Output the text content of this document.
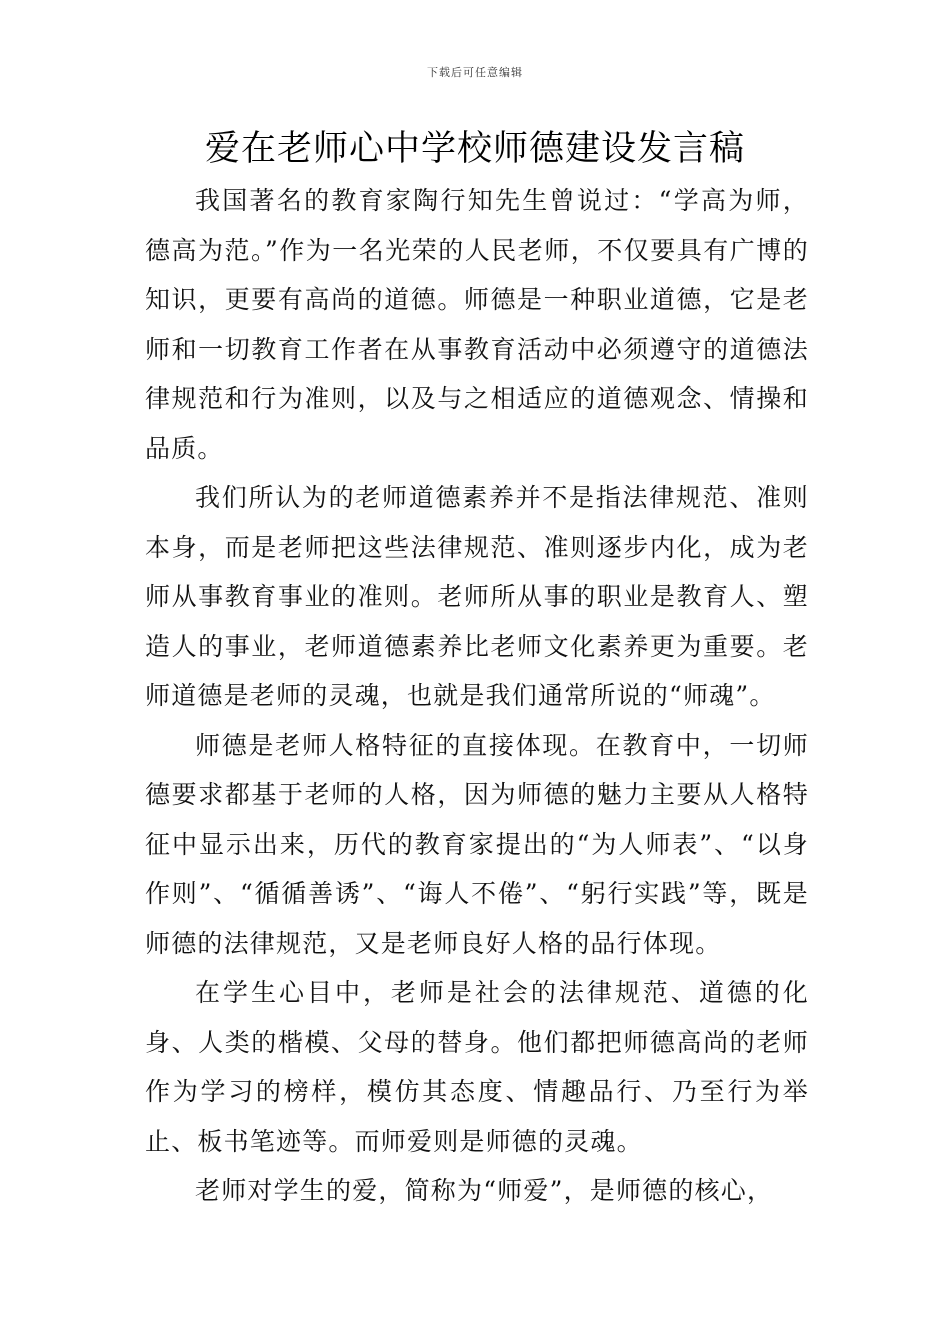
下载后可任意编辑
爱在老师心中学校师德建设发言稿

我国著名的教育家陶行知先生曾说过：“学高为师，德高为范。”作为一名光荣的人民老师，不仅要具有广博的知识，更要有高尚的道德。师德是一种职业道德，它是老师和一切教育工作者在从事教育活动中必须遵守的道德法律规范和行为准则，以及与之相适应的道德观念、情操和品质。

我们所认为的老师道德素养并不是指法律规范、准则本身，而是老师把这些法律规范、准则逐步内化，成为老师从事教育事业的准则。老师所从事的职业是教育人、塑造人的事业，老师道德素养比老师文化素养更为重要。老师道德是老师的灵魂，也就是我们通常所说的“师魂”。

师德是老师人格特征的直接体现。在教育中，一切师德要求都基于老师的人格，因为师德的魅力主要从人格特征中显示出来，历代的教育家提出的“为人师表”、“以身作则”、“循循善诱”、“诲人不倦”、“躬行实践”等，既是师德的法律规范，又是老师良好人格的品行体现。

在学生心目中，老师是社会的法律规范、道德的化身、人类的楷模、父母的替身。他们都把师德高尚的老师作为学习的榜样，模仿其态度、情趣品行、乃至行为举止、板书笔迹等。而师爱则是师德的灵魂。

老师对学生的爱，简称为“师爱”，是师德的核心，
